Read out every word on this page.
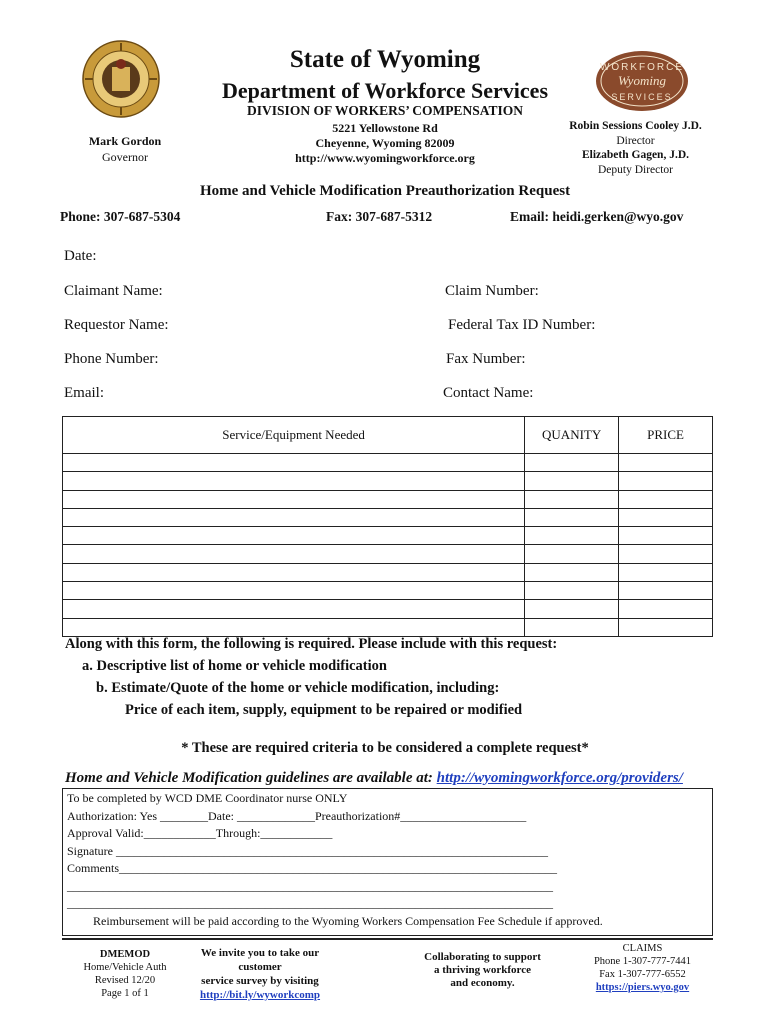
WORKFORCE
Wyoming
SERVICES
State of Wyoming
Department of Workforce Services
DIVISION OF WORKERS’ COMPENSATION
5221 Yellowstone Rd
Cheyenne, Wyoming 82009
http://www.wyomingworkforce.org
Mark Gordon
Governor
Robin Sessions Cooley J.D.
Director
Elizabeth Gagen, J.D.
Deputy Director
Home and Vehicle Modification Preauthorization Request
Phone: 307-687-5304	Fax: 307-687-5312	Email: heidi.gerken@wyo.gov
Date:
Claimant Name:	Claim Number:
Requestor Name:	Federal Tax ID Number:
Phone Number:	Fax Number:
Email:	Contact Name:
Service/Equipment Needed	QUANITY	PRICE

Along with this form, the following is required. Please include with this request:
a. Descriptive list of home or vehicle modification
b. Estimate/Quote of the home or vehicle modification, including:
Price of each item, supply, equipment to be repaired or modified
* These are required criteria to be considered a complete request*
Home and Vehicle Modification guidelines are available at: http://wyomingworkforce.org/providers/
To be completed by WCD DME Coordinator nurse ONLY
Authorization: Yes ________Date: _____________Preauthorization#_____________________
Approval Valid:____________Through:____________
Signature ________________________________________________________________________
Comments_________________________________________________________________________
_________________________________________________________________________________
_________________________________________________________________________________
Reimbursement will be paid according to the Wyoming Workers Compensation Fee Schedule if approved.
DMEMOD
Home/Vehicle Auth
Revised 12/20
Page 1 of 1
We invite you to take our customer
service survey by visiting
http://bit.ly/wyworkcomp
Collaborating to support
a thriving workforce
and economy.
CLAIMS
Phone 1-307-777-7441
Fax 1-307-777-6552
https://piers.wyo.gov
